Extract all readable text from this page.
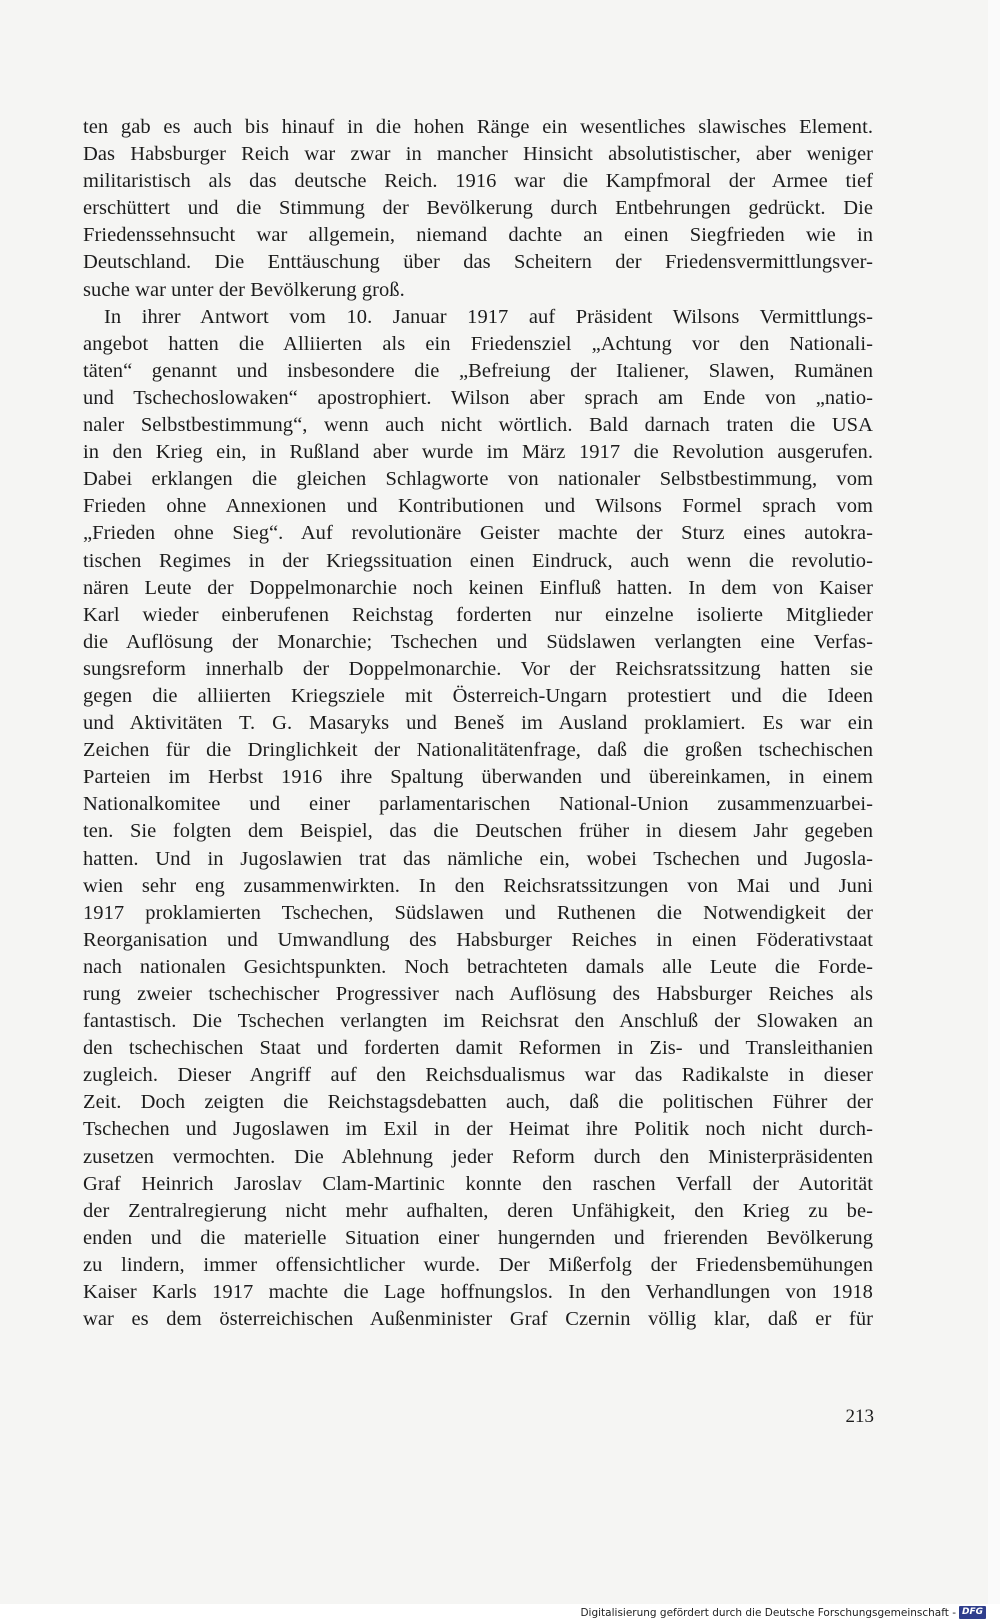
ten gab es auch bis hinauf in die hohen Ränge ein wesentliches slawisches Element.
Das Habsburger Reich war zwar in mancher Hinsicht absolutistischer, aber weniger
militaristisch als das deutsche Reich. 1916 war die Kampfmoral der Armee tief
erschüttert und die Stimmung der Bevölkerung durch Entbehrungen gedrückt. Die
Friedenssehnsucht war allgemein, niemand dachte an einen Siegfrieden wie in
Deutschland. Die Enttäuschung über das Scheitern der Friedensvermittlungsver-
suche war unter der Bevölkerung groß.
In ihrer Antwort vom 10. Januar 1917 auf Präsident Wilsons Vermittlungs-
angebot hatten die Alliierten als ein Friedensziel „Achtung vor den Nationali-
täten“ genannt und insbesondere die „Befreiung der Italiener, Slawen, Rumänen
und Tschechoslowaken“ apostrophiert. Wilson aber sprach am Ende von „natio-
naler Selbstbestimmung“, wenn auch nicht wörtlich. Bald darnach traten die USA
in den Krieg ein, in Rußland aber wurde im März 1917 die Revolution ausgerufen.
Dabei erklangen die gleichen Schlagworte von nationaler Selbstbestimmung, vom
Frieden ohne Annexionen und Kontributionen und Wilsons Formel sprach vom
„Frieden ohne Sieg“. Auf revolutionäre Geister machte der Sturz eines autokra-
tischen Regimes in der Kriegssituation einen Eindruck, auch wenn die revolutio-
nären Leute der Doppelmonarchie noch keinen Einfluß hatten. In dem von Kaiser
Karl wieder einberufenen Reichstag forderten nur einzelne isolierte Mitglieder
die Auflösung der Monarchie; Tschechen und Südslawen verlangten eine Verfas-
sungsreform innerhalb der Doppelmonarchie. Vor der Reichsratssitzung hatten sie
gegen die alliierten Kriegsziele mit Österreich-Ungarn protestiert und die Ideen
und Aktivitäten T. G. Masaryks und Beneš im Ausland proklamiert. Es war ein
Zeichen für die Dringlichkeit der Nationalitätenfrage, daß die großen tschechischen
Parteien im Herbst 1916 ihre Spaltung überwanden und übereinkamen, in einem
Nationalkomitee und einer parlamentarischen National-Union zusammenzuarbei-
ten. Sie folgten dem Beispiel, das die Deutschen früher in diesem Jahr gegeben
hatten. Und in Jugoslawien trat das nämliche ein, wobei Tschechen und Jugosla-
wien sehr eng zusammenwirkten. In den Reichsratssitzungen von Mai und Juni
1917 proklamierten Tschechen, Südslawen und Ruthenen die Notwendigkeit der
Reorganisation und Umwandlung des Habsburger Reiches in einen Föderativstaat
nach nationalen Gesichtspunkten. Noch betrachteten damals alle Leute die Forde-
rung zweier tschechischer Progressiver nach Auflösung des Habsburger Reiches als
fantastisch. Die Tschechen verlangten im Reichsrat den Anschluß der Slowaken an
den tschechischen Staat und forderten damit Reformen in Zis- und Transleithanien
zugleich. Dieser Angriff auf den Reichsdualismus war das Radikalste in dieser
Zeit. Doch zeigten die Reichstagsdebatten auch, daß die politischen Führer der
Tschechen und Jugoslawen im Exil in der Heimat ihre Politik noch nicht durch-
zusetzen vermochten. Die Ablehnung jeder Reform durch den Ministerpräsidenten
Graf Heinrich Jaroslav Clam-Martinic konnte den raschen Verfall der Autorität
der Zentralregierung nicht mehr aufhalten, deren Unfähigkeit, den Krieg zu be-
enden und die materielle Situation einer hungernden und frierenden Bevölkerung
zu lindern, immer offensichtlicher wurde. Der Mißerfolg der Friedensbemühungen
Kaiser Karls 1917 machte die Lage hoffnungslos. In den Verhandlungen von 1918
war es dem österreichischen Außenminister Graf Czernin völlig klar, daß er für
213
Digitalisierung gefördert durch die Deutsche Forschungsgemeinschaft - DFG
